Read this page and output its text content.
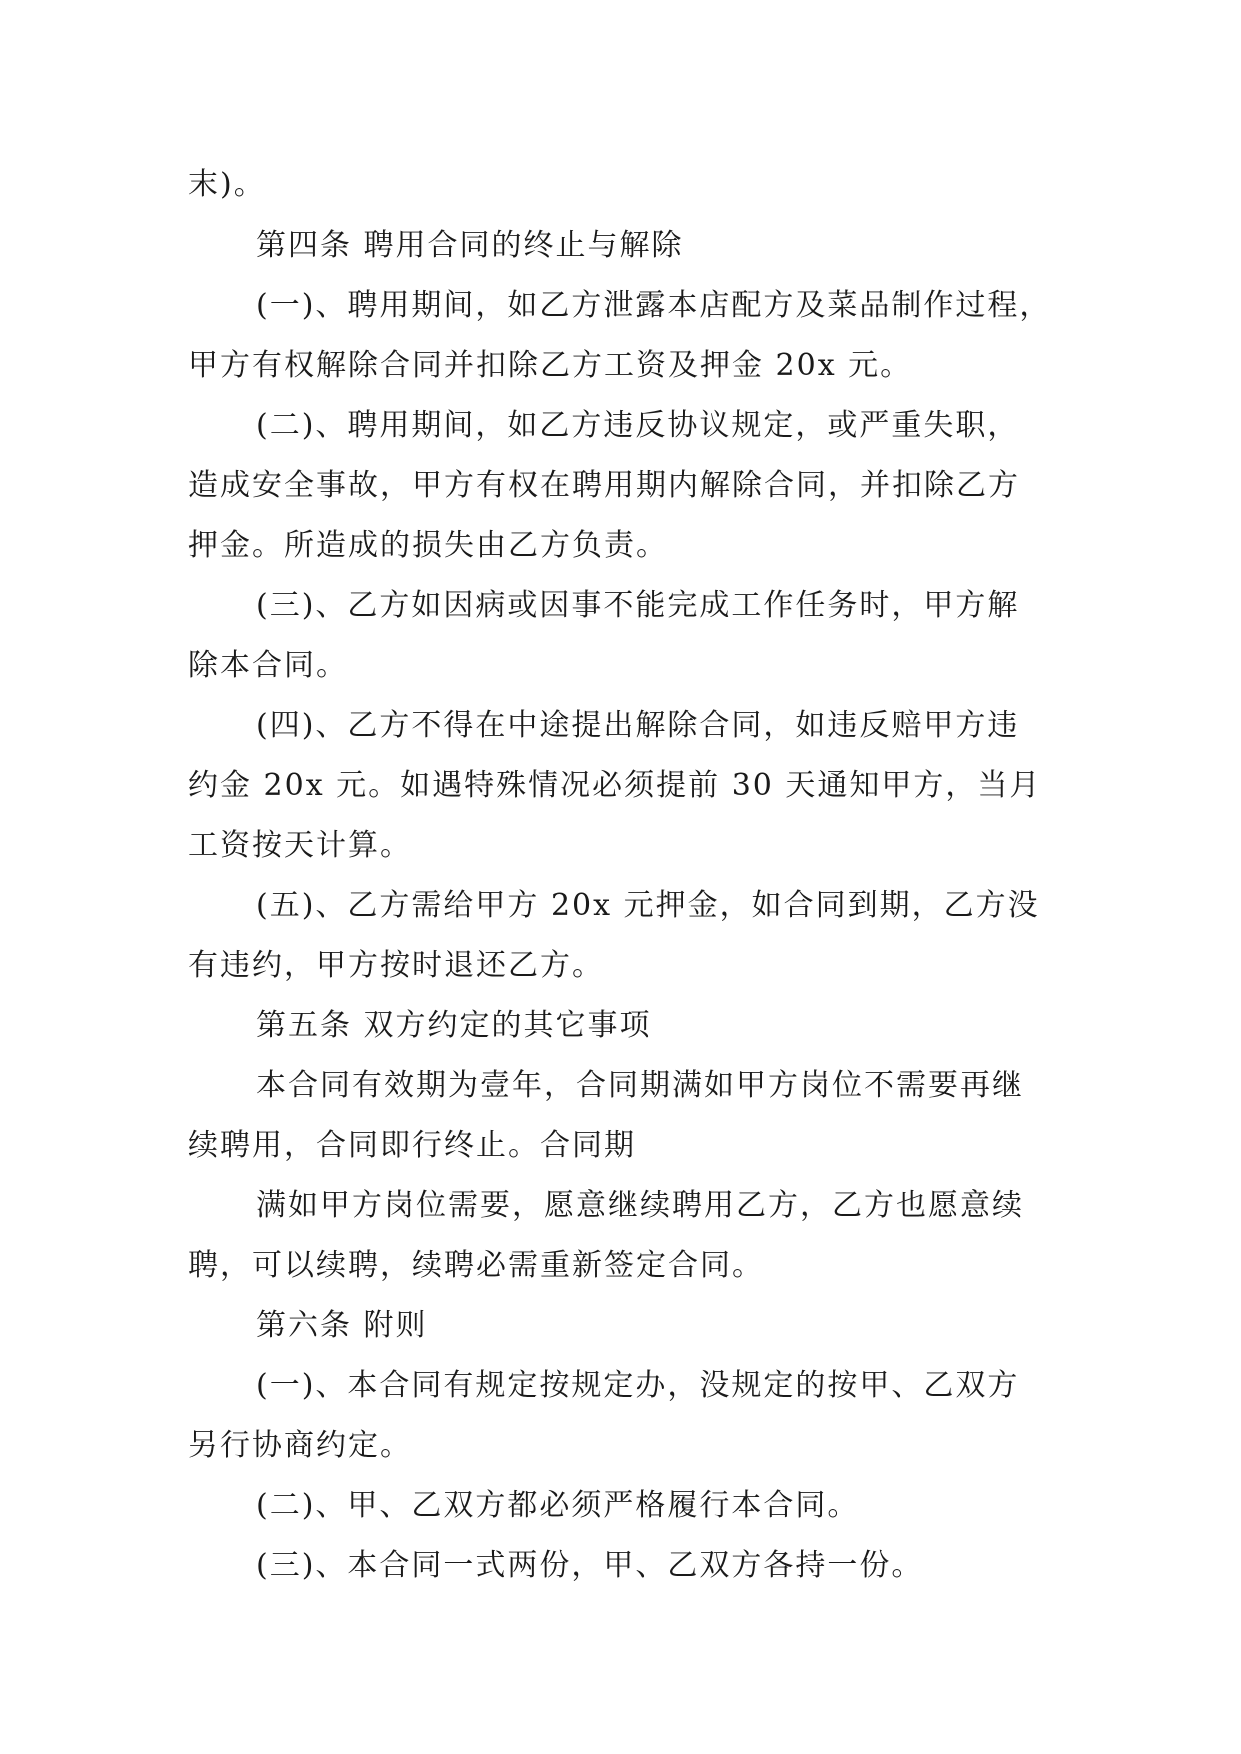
末)。
第四条 聘用合同的终止与解除
(一)、聘用期间，如乙方泄露本店配方及菜品制作过程，
甲方有权解除合同并扣除乙方工资及押金 20x 元。
(二)、聘用期间，如乙方违反协议规定，或严重失职，
造成安全事故，甲方有权在聘用期内解除合同，并扣除乙方
押金。所造成的损失由乙方负责。
(三)、乙方如因病或因事不能完成工作任务时，甲方解
除本合同。
(四)、乙方不得在中途提出解除合同，如违反赔甲方违
约金 20x 元。如遇特殊情况必须提前 30 天通知甲方，当月
工资按天计算。
(五)、乙方需给甲方 20x 元押金，如合同到期，乙方没
有违约，甲方按时退还乙方。
第五条 双方约定的其它事项
本合同有效期为壹年，合同期满如甲方岗位不需要再继
续聘用，合同即行终止。合同期
满如甲方岗位需要，愿意继续聘用乙方，乙方也愿意续
聘，可以续聘，续聘必需重新签定合同。
第六条 附则
(一)、本合同有规定按规定办，没规定的按甲、乙双方
另行协商约定。
(二)、甲、乙双方都必须严格履行本合同。
(三)、本合同一式两份，甲、乙双方各持一份。
